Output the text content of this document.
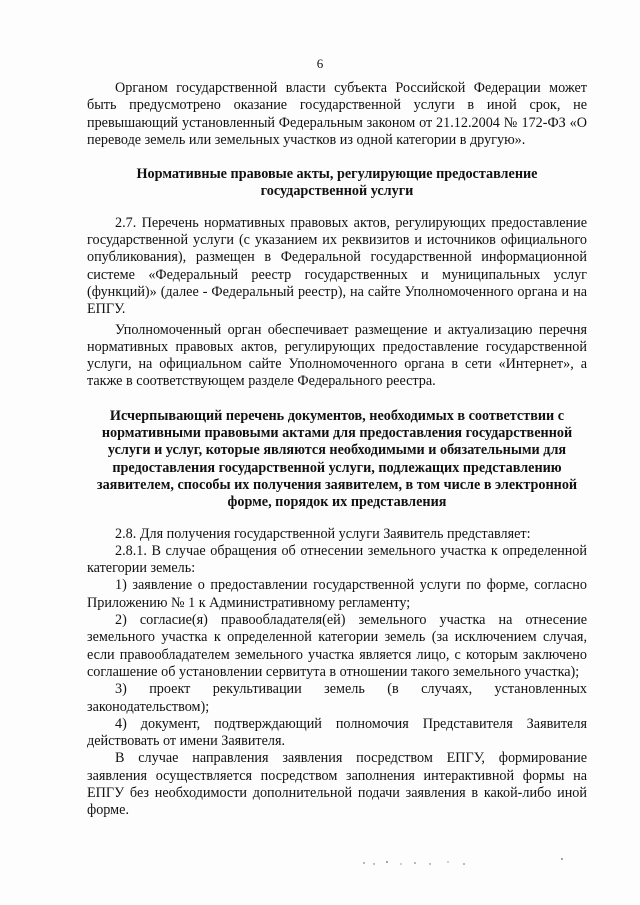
6

Органом государственной власти субъекта Российской Федерации может быть предусмотрено оказание государственной услуги в иной срок, не превышающий установленный Федеральным законом от 21.12.2004 № 172-ФЗ «О переводе земель или земельных участков из одной категории в другую».

Нормативные правовые акты, регулирующие предоставление государственной услуги

2.7. Перечень нормативных правовых актов, регулирующих предоставление государственной услуги (с указанием их реквизитов и источников официального опубликования), размещен в Федеральной государственной информационной системе «Федеральный реестр государственных и муниципальных услуг (функций)» (далее - Федеральный реестр), на сайте Уполномоченного органа и на ЕПГУ.

Уполномоченный орган обеспечивает размещение и актуализацию перечня нормативных правовых актов, регулирующих предоставление государственной услуги, на официальном сайте Уполномоченного органа в сети «Интернет», а также в соответствующем разделе Федерального реестра.

Исчерпывающий перечень документов, необходимых в соответствии с нормативными правовыми актами для предоставления государственной услуги и услуг, которые являются необходимыми и обязательными для предоставления государственной услуги, подлежащих представлению заявителем, способы их получения заявителем, в том числе в электронной форме, порядок их представления

2.8. Для получения государственной услуги Заявитель представляет:

2.8.1. В случае обращения об отнесении земельного участка к определенной категории земель:

1) заявление о предоставлении государственной услуги по форме, согласно Приложению № 1 к Административному регламенту;

2) согласие(я) правообладателя(ей) земельного участка на отнесение земельного участка к определенной категории земель (за исключением случая, если правообладателем земельного участка является лицо, с которым заключено соглашение об установлении сервитута в отношении такого земельного участка);

3) проект рекультивации земель (в случаях, установленных законодательством);

4) документ, подтверждающий полномочия Представителя Заявителя действовать от имени Заявителя.

В случае направления заявления посредством ЕПГУ, формирование заявления осуществляется посредством заполнения интерактивной формы на ЕПГУ без необходимости дополнительной подачи заявления в какой-либо иной форме.
